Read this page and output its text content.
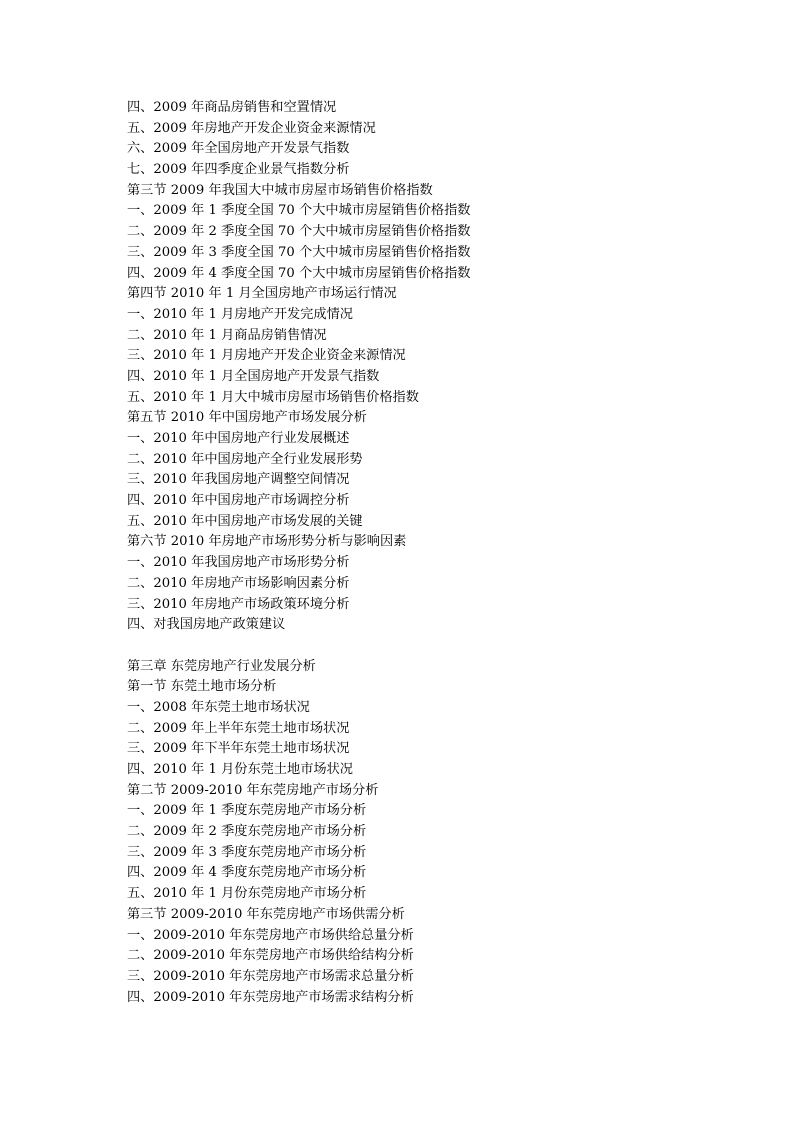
四、2009 年商品房销售和空置情况
五、2009 年房地产开发企业资金来源情况
六、2009 年全国房地产开发景气指数
七、2009 年四季度企业景气指数分析
第三节 2009 年我国大中城市房屋市场销售价格指数
一、2009 年 1 季度全国 70 个大中城市房屋销售价格指数
二、2009 年 2 季度全国 70 个大中城市房屋销售价格指数
三、2009 年 3 季度全国 70 个大中城市房屋销售价格指数
四、2009 年 4 季度全国 70 个大中城市房屋销售价格指数
第四节 2010 年 1 月全国房地产市场运行情况
一、2010 年 1 月房地产开发完成情况
二、2010 年 1 月商品房销售情况
三、2010 年 1 月房地产开发企业资金来源情况
四、2010 年 1 月全国房地产开发景气指数
五、2010 年 1 月大中城市房屋市场销售价格指数
第五节 2010 年中国房地产市场发展分析
一、2010 年中国房地产行业发展概述
二、2010 年中国房地产全行业发展形势
三、2010 年我国房地产调整空间情况
四、2010 年中国房地产市场调控分析
五、2010 年中国房地产市场发展的关键
第六节 2010 年房地产市场形势分析与影响因素
一、2010 年我国房地产市场形势分析
二、2010 年房地产市场影响因素分析
三、2010 年房地产市场政策环境分析
四、对我国房地产政策建议
第三章 东莞房地产行业发展分析
第一节 东莞土地市场分析
一、2008 年东莞土地市场状况
二、2009 年上半年东莞土地市场状况
三、2009 年下半年东莞土地市场状况
四、2010 年 1 月份东莞土地市场状况
第二节 2009-2010 年东莞房地产市场分析
一、2009 年 1 季度东莞房地产市场分析
二、2009 年 2 季度东莞房地产市场分析
三、2009 年 3 季度东莞房地产市场分析
四、2009 年 4 季度东莞房地产市场分析
五、2010 年 1 月份东莞房地产市场分析
第三节 2009-2010 年东莞房地产市场供需分析
一、2009-2010 年东莞房地产市场供给总量分析
二、2009-2010 年东莞房地产市场供给结构分析
三、2009-2010 年东莞房地产市场需求总量分析
四、2009-2010 年东莞房地产市场需求结构分析
